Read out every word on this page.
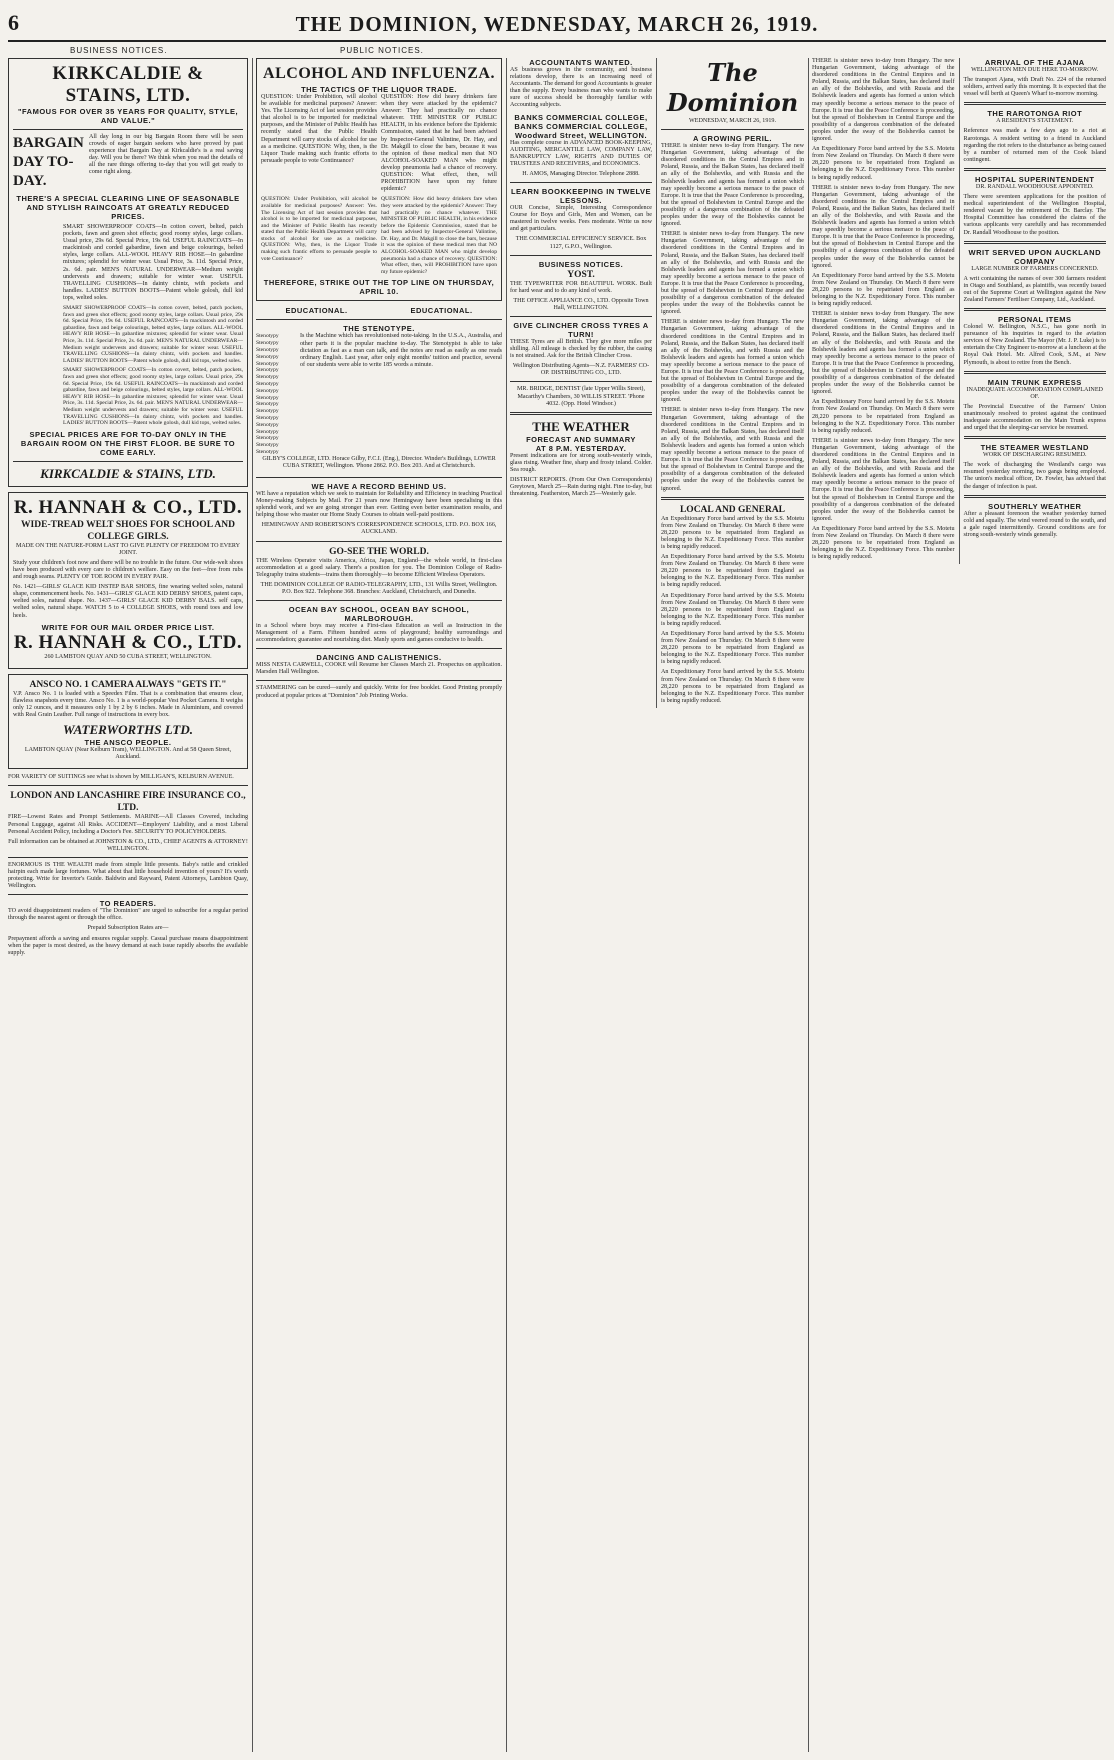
6	THE DOMINION, WEDNESDAY, MARCH 26, 1919.
BUSINESS NOTICES.	PUBLIC NOTICES.
KIRKCALDIE & STAINS, LTD.
"FAMOUS FOR OVER 35 YEARS FOR QUALITY, STYLE, AND VALUE."
BARGAIN DAY TO-DAY.
All day long in our big Bargain Room there will be seen crowds of eager bargain seekers who have proved by past experience that Bargain Day at Kirkcaldie's is a real saving day. Will you be there? We think when you read the details of all the rare things offering to-day that you will get ready to come right along.
THERE'S A SPECIAL CLEARING LINE OF SEASONABLE AND STYLISH RAINCOATS AT GREATLY REDUCED PRICES.
SMART SHOWERPROOF COATS—In cotton covert, belted, patch pockets, fawn and green shot effects; good roomy styles, large collars. Usual price, 29s 6d. Special Price, 19s 6d. USEFUL RAINCOATS—In mackintosh and corded gabardine, fawn and beige colourings, belted styles, large collars. ALL-WOOL HEAVY RIB HOSE—In gabardine mixtures; splendid for winter wear. Usual Price, 3s. 11d. Special Price, 2s. 6d. pair. MEN'S NATURAL UNDERWEAR—Medium weight undervests and drawers; suitable for winter wear. USEFUL TRAVELLING CUSHIONS—In dainty chintz, with pockets and handles. LADIES' BUTTON BOOTS—Patent whole golosh, dull kid tops, welted soles.
SMART SHOWERPROOF COATS—In cotton covert, belted, patch pockets, fawn and green shot effects; good roomy styles, large collars. Usual price, 29s 6d. Special Price, 19s 6d. USEFUL RAINCOATS—In mackintosh and corded gabardine, fawn and beige colourings, belted styles, large collars. ALL-WOOL HEAVY RIB HOSE—In gabardine mixtures; splendid for winter wear. Usual Price, 3s. 11d. Special Price, 2s. 6d. pair. MEN'S NATURAL UNDERWEAR—Medium weight undervests and drawers; suitable for winter wear. USEFUL TRAVELLING CUSHIONS—In dainty chintz, with pockets and handles. LADIES' BUTTON BOOTS—Patent whole golosh, dull kid tops, welted soles.
SMART SHOWERPROOF COATS—In cotton covert, belted, patch pockets, fawn and green shot effects; good roomy styles, large collars. Usual price, 29s 6d. Special Price, 19s 6d. USEFUL RAINCOATS—In mackintosh and corded gabardine, fawn and beige colourings, belted styles, large collars. ALL-WOOL HEAVY RIB HOSE—In gabardine mixtures; splendid for winter wear. Usual Price, 3s. 11d. Special Price, 2s. 6d. pair. MEN'S NATURAL UNDERWEAR—Medium weight undervests and drawers; suitable for winter wear. USEFUL TRAVELLING CUSHIONS—In dainty chintz, with pockets and handles. LADIES' BUTTON BOOTS—Patent whole golosh, dull kid tops, welted soles.
SPECIAL PRICES ARE FOR TO-DAY ONLY IN THE BARGAIN ROOM ON THE FIRST FLOOR. BE SURE TO COME EARLY.
KIRKCALDIE & STAINS, LTD.
R. HANNAH & CO., LTD.
WIDE-TREAD WELT SHOES FOR SCHOOL AND COLLEGE GIRLS.
MADE ON THE NATURE-FORM LAST TO GIVE PLENTY OF FREEDOM TO EVERY JOINT.
Study your children's foot now and there will be no trouble in the future. Our wide-welt shoes have been produced with every care to children's welfare. Easy on the feet—free from rubs and rough seams. PLENTY OF TOE ROOM IN EVERY PAIR.
No. 1421—GIRLS' GLACE KID INSTEP BAR SHOES, fine wearing welted soles, natural shape, commencement heels. No. 1431—GIRLS' GLACE KID DERBY SHOES, patent caps, welted soles, natural shape. No. 1437—GIRLS' GLACE KID DERBY BALS. self caps, welted soles, natural shape. WATCH 5 to 4 COLLEGE SHOES, with round toes and low heels.
WRITE FOR OUR MAIL ORDER PRICE LIST.
R. HANNAH & CO., LTD.
260 LAMBTON QUAY AND 50 CUBA STREET, WELLINGTON.
ANSCO NO. 1 CAMERA ALWAYS "GETS IT."
V.P. Ansco No. 1 is loaded with a Speedex Film. That is a combination that ensures clear, flawless snapshots every time. Ansco No. 1 is a world-popular Vest Pocket Camera. It weighs only 12 ounces, and it measures only 1 by 2 by 6 inches. Made in Aluminium, and covered with Real Grain Leather. Full range of instructions in every box.
WATERWORTHS LTD.
THE ANSCO PEOPLE.
LAMBTON QUAY (Near Kelburn Tram), WELLINGTON. And at 58 Queen Street, Auckland.
FOR VARIETY OF SUITINGS see what is shown by MILLIGAN'S, KELBURN AVENUE.
LONDON AND LANCASHIRE FIRE INSURANCE CO., LTD.
FIRE—Lowest Rates and Prompt Settlements. MARINE—All Classes Covered, including Personal Luggage, against All Risks. ACCIDENT—Employers' Liability, and a most Liberal Personal Accident Policy, including a Doctor's Fee. SECURITY TO POLICYHOLDERS.
Full information can be obtained at JOHNSTON & CO., LTD., CHIEF AGENTS & ATTORNEY! WELLINGTON.
ENORMOUS IS THE WEALTH made from simple little presents. Baby's rattle and crinkled hairpin each made large fortunes. What about that little household invention of yours? It's worth protecting. Write for Invertor's Guide. Baldwin and Rayward, Patent Attorneys, Lambton Quay, Wellington.
TO READERS.
TO avoid disappointment readers of "The Dominion" are urged to subscribe for a regular period through the nearest agent or through the office.
Prepaid Subscription Rates are—
Prepayment affords a saving and ensures regular supply. Casual purchase means disappointment when the paper is most desired, as the heavy demand at each issue rapidly absorbs the available supply.
ALCOHOL AND INFLUENZA.
THE TACTICS OF THE LIQUOR TRADE.
QUESTION: Under Prohibition, will alcohol be available for medicinal purposes? Answer: Yes. The Licensing Act of last session provides that alcohol is to be imported for medicinal purposes, and the Minister of Public Health has recently stated that the Public Health Department will carry stocks of alcohol for use as a medicine. QUESTION: Why, then, is the Liquor Trade making such frantic efforts to persuade people to vote Continuance?
QUESTION: How did heavy drinkers fare when they were attacked by the epidemic? Answer: They had practically no chance whatever. THE MINISTER OF PUBLIC HEALTH, in his evidence before the Epidemic Commission, stated that he had been advised by Inspector-General Valintine, Dr. Hay, and Dr. Makgill to close the bars, because it was the opinion of these medical men that NO ALCOHOL-SOAKED MAN who might develop pneumonia had a chance of recovery. QUESTION: What effect, then, will PROHIBITION have upon my future epidemic?
QUESTION: Under Prohibition, will alcohol be available for medicinal purposes? Answer: Yes. The Licensing Act of last session provides that alcohol is to be imported for medicinal purposes, and the Minister of Public Health has recently stated that the Public Health Department will carry stocks of alcohol for use as a medicine. QUESTION: Why, then, is the Liquor Trade making such frantic efforts to persuade people to vote Continuance?
QUESTION: How did heavy drinkers fare when they were attacked by the epidemic? Answer: They had practically no chance whatever. THE MINISTER OF PUBLIC HEALTH, in his evidence before the Epidemic Commission, stated that he had been advised by Inspector-General Valintine, Dr. Hay, and Dr. Makgill to close the bars, because it was the opinion of these medical men that NO ALCOHOL-SOAKED MAN who might develop pneumonia had a chance of recovery. QUESTION: What effect, then, will PROHIBITION have upon my future epidemic?
THEREFORE, STRIKE OUT THE TOP LINE ON THURSDAY, APRIL 10.
EDUCATIONAL.	EDUCATIONAL.
THE STENOTYPE.
Stenotypy
Stenotypy
Stenotypy
Stenotypy
Stenotypy
Stenotypy
Stenotypy
Stenotypy
Stenotypy
Stenotypy
Stenotypy
Stenotypy
Stenotypy
Stenotypy
Stenotypy
Stenotypy
Stenotypy
Stenotypy
Is the Machine which has revolutionised note-taking. In the U.S.A., Australia, and other parts it is the popular machine to-day. The Stenotypist is able to take dictation as fast as a man can talk, and the notes are read as easily as one reads ordinary English. Last year, after only eight months' tuition and practice, several of our students were able to write 185 words a minute.
GILBY'S COLLEGE, LTD. Horace Gilby, F.C.I. (Eng.), Director. Winder's Buildings, LOWER CUBA STREET, Wellington. 'Phone 2862. P.O. Box 203. And at Christchurch.
WE HAVE A RECORD BEHIND US.
WE have a reputation which we seek to maintain for Reliability and Efficiency in teaching Practical Money-making Subjects by Mail. For 21 years now Hemingway have been specialising in this splendid work, and we are going stronger than ever. Getting even better examination results, and helping those who master our Home Study Courses to obtain well-paid positions.
HEMINGWAY AND ROBERTSON'S CORRESPONDENCE SCHOOLS, LTD. P.O. BOX 166, AUCKLAND.
GO-SEE THE WORLD.
THE Wireless Operator visits America, Africa, Japan, England—the whole world, in first-class accommodation at a good salary. There's a position for you. The Dominion College of Radio-Telegraphy trains students—trains them thoroughly—to become Efficient Wireless Operators.
THE DOMINION COLLEGE OF RADIO-TELEGRAPHY, LTD., 131 Willis Street, Wellington. P.O. Box 922. Telephone 368. Branches: Auckland, Christchurch, and Dunedin.
OCEAN BAY SCHOOL, OCEAN BAY SCHOOL, MARLBOROUGH.
in a School where boys may receive a First-class Education as well as Instruction in the Management of a Farm. Fifteen hundred acres of playground; healthy surroundings and accommodation; guarantee and nourishing diet. Manly sports and games conducive to health.
DANCING AND CALISTHENICS.
MISS NESTA CARWELL, COOKE will Resume her Classes March 21. Prospectus on application. Marsden Hall Wellington.
STAMMERING can be cured—surely and quickly. Write for free booklet. Good Printing promptly produced at popular prices at "Dominion" Job Printing Works.
ACCOUNTANTS WANTED.
AS business grows in the community, and business relations develop, there is an increasing need of Accountants. The demand for good Accountants is greater than the supply. Every business man who wants to make sure of success should be thoroughly familiar with Accounting subjects.
BANKS COMMERCIAL COLLEGE, BANKS COMMERCIAL COLLEGE, Woodward Street, WELLINGTON.
Has complete course in ADVANCED BOOK-KEEPING, AUDITING, MERCANTILE LAW, COMPANY LAW, BANKRUPTCY LAW, RIGHTS AND DUTIES OF TRUSTEES AND RECEIVERS, and ECONOMICS.
H. AMOS, Managing Director. Telephone 2888.
LEARN BOOKKEEPING IN TWELVE LESSONS.
OUR Concise, Simple, Interesting Correspondence Course for Boys and Girls, Men and Women, can be mastered in twelve weeks. Fees moderate. Write us now and get particulars.
THE COMMERCIAL EFFICIENCY SERVICE. Box 1127, G.P.O., Wellington.
BUSINESS NOTICES.
YOST.
THE TYPEWRITER FOR BEAUTIFUL WORK. Built for hard wear and to do any kind of work.
THE OFFICE APPLIANCE CO., LTD. Opposite Town Hall, WELLINGTON.
GIVE CLINCHER CROSS TYRES A TURN!
THESE Tyres are all British. They give more miles per shilling. All mileage is checked by the rubber, the casing is not strained. Ask for the British Clincher Cross.
Wellington Distributing Agents—N.Z. FARMERS' CO-OP. DISTRIBUTING CO., LTD.
MR. BRIDGE, DENTIST (late Upper Willis Street), Macarthy's Chambers, 30 WILLIS STREET. 'Phone 4032. (Opp. Hotel Windsor.)
THE WEATHER
FORECAST AND SUMMARY
AT 8 P.M. YESTERDAY.
Present indications are for strong south-westerly winds, glass rising. Weather fine, sharp and frosty inland. Colder. Sea rough.
DISTRICT REPORTS. (From Our Own Correspondents) Greytown, March 25—Rain during night. Fine to-day, but threatening. Featherston, March 25—Westerly gale.
The Dominion
WEDNESDAY, MARCH 26, 1919.
A GROWING PERIL.
THERE is sinister news to-day from Hungary. The new Hungarian Government, taking advantage of the disordered conditions in the Central Empires and in Poland, Russia, and the Balkan States, has declared itself an ally of the Bolsheviks, and with Russia and the Bolshevik leaders and agents has formed a union which may speedily become a serious menace to the peace of Europe. It is true that the Peace Conference is proceeding, but the spread of Bolshevism in Central Europe and the possibility of a dangerous combination of the defeated peoples under the sway of the Bolsheviks cannot be ignored.
THERE is sinister news to-day from Hungary. The new Hungarian Government, taking advantage of the disordered conditions in the Central Empires and in Poland, Russia, and the Balkan States, has declared itself an ally of the Bolsheviks, and with Russia and the Bolshevik leaders and agents has formed a union which may speedily become a serious menace to the peace of Europe. It is true that the Peace Conference is proceeding, but the spread of Bolshevism in Central Europe and the possibility of a dangerous combination of the defeated peoples under the sway of the Bolsheviks cannot be ignored.
THERE is sinister news to-day from Hungary. The new Hungarian Government, taking advantage of the disordered conditions in the Central Empires and in Poland, Russia, and the Balkan States, has declared itself an ally of the Bolsheviks, and with Russia and the Bolshevik leaders and agents has formed a union which may speedily become a serious menace to the peace of Europe. It is true that the Peace Conference is proceeding, but the spread of Bolshevism in Central Europe and the possibility of a dangerous combination of the defeated peoples under the sway of the Bolsheviks cannot be ignored.
THERE is sinister news to-day from Hungary. The new Hungarian Government, taking advantage of the disordered conditions in the Central Empires and in Poland, Russia, and the Balkan States, has declared itself an ally of the Bolsheviks, and with Russia and the Bolshevik leaders and agents has formed a union which may speedily become a serious menace to the peace of Europe. It is true that the Peace Conference is proceeding, but the spread of Bolshevism in Central Europe and the possibility of a dangerous combination of the defeated peoples under the sway of the Bolsheviks cannot be ignored.
LOCAL AND GENERAL
An Expeditionary Force band arrived by the S.S. Motetu from New Zealand on Thursday. On March 8 there were 28,220 persons to be repatriated from England as belonging to the N.Z. Expeditionary Force. This number is being rapidly reduced.
An Expeditionary Force band arrived by the S.S. Motetu from New Zealand on Thursday. On March 8 there were 28,220 persons to be repatriated from England as belonging to the N.Z. Expeditionary Force. This number is being rapidly reduced.
An Expeditionary Force band arrived by the S.S. Motetu from New Zealand on Thursday. On March 8 there were 28,220 persons to be repatriated from England as belonging to the N.Z. Expeditionary Force. This number is being rapidly reduced.
An Expeditionary Force band arrived by the S.S. Motetu from New Zealand on Thursday. On March 8 there were 28,220 persons to be repatriated from England as belonging to the N.Z. Expeditionary Force. This number is being rapidly reduced.
An Expeditionary Force band arrived by the S.S. Motetu from New Zealand on Thursday. On March 8 there were 28,220 persons to be repatriated from England as belonging to the N.Z. Expeditionary Force. This number is being rapidly reduced.
THERE is sinister news to-day from Hungary. The new Hungarian Government, taking advantage of the disordered conditions in the Central Empires and in Poland, Russia, and the Balkan States, has declared itself an ally of the Bolsheviks, and with Russia and the Bolshevik leaders and agents has formed a union which may speedily become a serious menace to the peace of Europe. It is true that the Peace Conference is proceeding, but the spread of Bolshevism in Central Europe and the possibility of a dangerous combination of the defeated peoples under the sway of the Bolsheviks cannot be ignored.
An Expeditionary Force band arrived by the S.S. Motetu from New Zealand on Thursday. On March 8 there were 28,220 persons to be repatriated from England as belonging to the N.Z. Expeditionary Force. This number is being rapidly reduced.
THERE is sinister news to-day from Hungary. The new Hungarian Government, taking advantage of the disordered conditions in the Central Empires and in Poland, Russia, and the Balkan States, has declared itself an ally of the Bolsheviks, and with Russia and the Bolshevik leaders and agents has formed a union which may speedily become a serious menace to the peace of Europe. It is true that the Peace Conference is proceeding, but the spread of Bolshevism in Central Europe and the possibility of a dangerous combination of the defeated peoples under the sway of the Bolsheviks cannot be ignored.
An Expeditionary Force band arrived by the S.S. Motetu from New Zealand on Thursday. On March 8 there were 28,220 persons to be repatriated from England as belonging to the N.Z. Expeditionary Force. This number is being rapidly reduced.
THERE is sinister news to-day from Hungary. The new Hungarian Government, taking advantage of the disordered conditions in the Central Empires and in Poland, Russia, and the Balkan States, has declared itself an ally of the Bolsheviks, and with Russia and the Bolshevik leaders and agents has formed a union which may speedily become a serious menace to the peace of Europe. It is true that the Peace Conference is proceeding, but the spread of Bolshevism in Central Europe and the possibility of a dangerous combination of the defeated peoples under the sway of the Bolsheviks cannot be ignored.
An Expeditionary Force band arrived by the S.S. Motetu from New Zealand on Thursday. On March 8 there were 28,220 persons to be repatriated from England as belonging to the N.Z. Expeditionary Force. This number is being rapidly reduced.
THERE is sinister news to-day from Hungary. The new Hungarian Government, taking advantage of the disordered conditions in the Central Empires and in Poland, Russia, and the Balkan States, has declared itself an ally of the Bolsheviks, and with Russia and the Bolshevik leaders and agents has formed a union which may speedily become a serious menace to the peace of Europe. It is true that the Peace Conference is proceeding, but the spread of Bolshevism in Central Europe and the possibility of a dangerous combination of the defeated peoples under the sway of the Bolsheviks cannot be ignored.
An Expeditionary Force band arrived by the S.S. Motetu from New Zealand on Thursday. On March 8 there were 28,220 persons to be repatriated from England as belonging to the N.Z. Expeditionary Force. This number is being rapidly reduced.
ARRIVAL OF THE AJANA
WELLINGTON MEN DUE HERE TO-MORROW.
The transport Ajana, with Draft No. 224 of the returned soldiers, arrived early this morning. It is expected that the vessel will berth at Queen's Wharf to-morrow morning.
THE RAROTONGA RIOT
A RESIDENT'S STATEMENT.
Reference was made a few days ago to a riot at Rarotonga. A resident writing to a friend in Auckland regarding the riot refers to the disturbance as being caused by a number of returned men of the Cook Island contingent.
HOSPITAL SUPERINTENDENT
DR. RANDALL WOODHOUSE APPOINTED.
There were seventeen applications for the position of medical superintendent of the Wellington Hospital, rendered vacant by the retirement of Dr. Barclay. The Hospital Committee has considered the claims of the various applicants very carefully and has recommended Dr. Randall Woodhouse to the position.
WRIT SERVED UPON AUCKLAND COMPANY
LARGE NUMBER OF FARMERS CONCERNED.
A writ containing the names of over 300 farmers resident in Otago and Southland, as plaintiffs, was recently issued out of the Supreme Court at Wellington against the New Zealand Farmers' Fertiliser Company, Ltd., Auckland.
PERSONAL ITEMS
Colonel W. Bellington, N.S.C., has gone north in pursuance of his inquiries in regard to the aviation services of New Zealand. The Mayor (Mr. J. P. Luke) is to entertain the City Engineer to-morrow at a luncheon at the Royal Oak Hotel. Mr. Alfred Cook, S.M., at New Plymouth, is about to retire from the Bench.
MAIN TRUNK EXPRESS
INADEQUATE ACCOMMODATION COMPLAINED OF.
The Provincial Executive of the Farmers' Union unanimously resolved to protest against the continued inadequate accommodation on the Main Trunk express and urged that the sleeping-car service be resumed.
THE STEAMER WESTLAND
WORK OF DISCHARGING RESUMED.
The work of discharging the Westland's cargo was resumed yesterday morning, two gangs being employed. The union's medical officer, Dr. Fowler, has advised that the danger of infection is past.
SOUTHERLY WEATHER
After a pleasant forenoon the weather yesterday turned cold and squally. The wind veered round to the south, and a gale raged intermittently. Ground conditions are for strong south-westerly winds generally.
